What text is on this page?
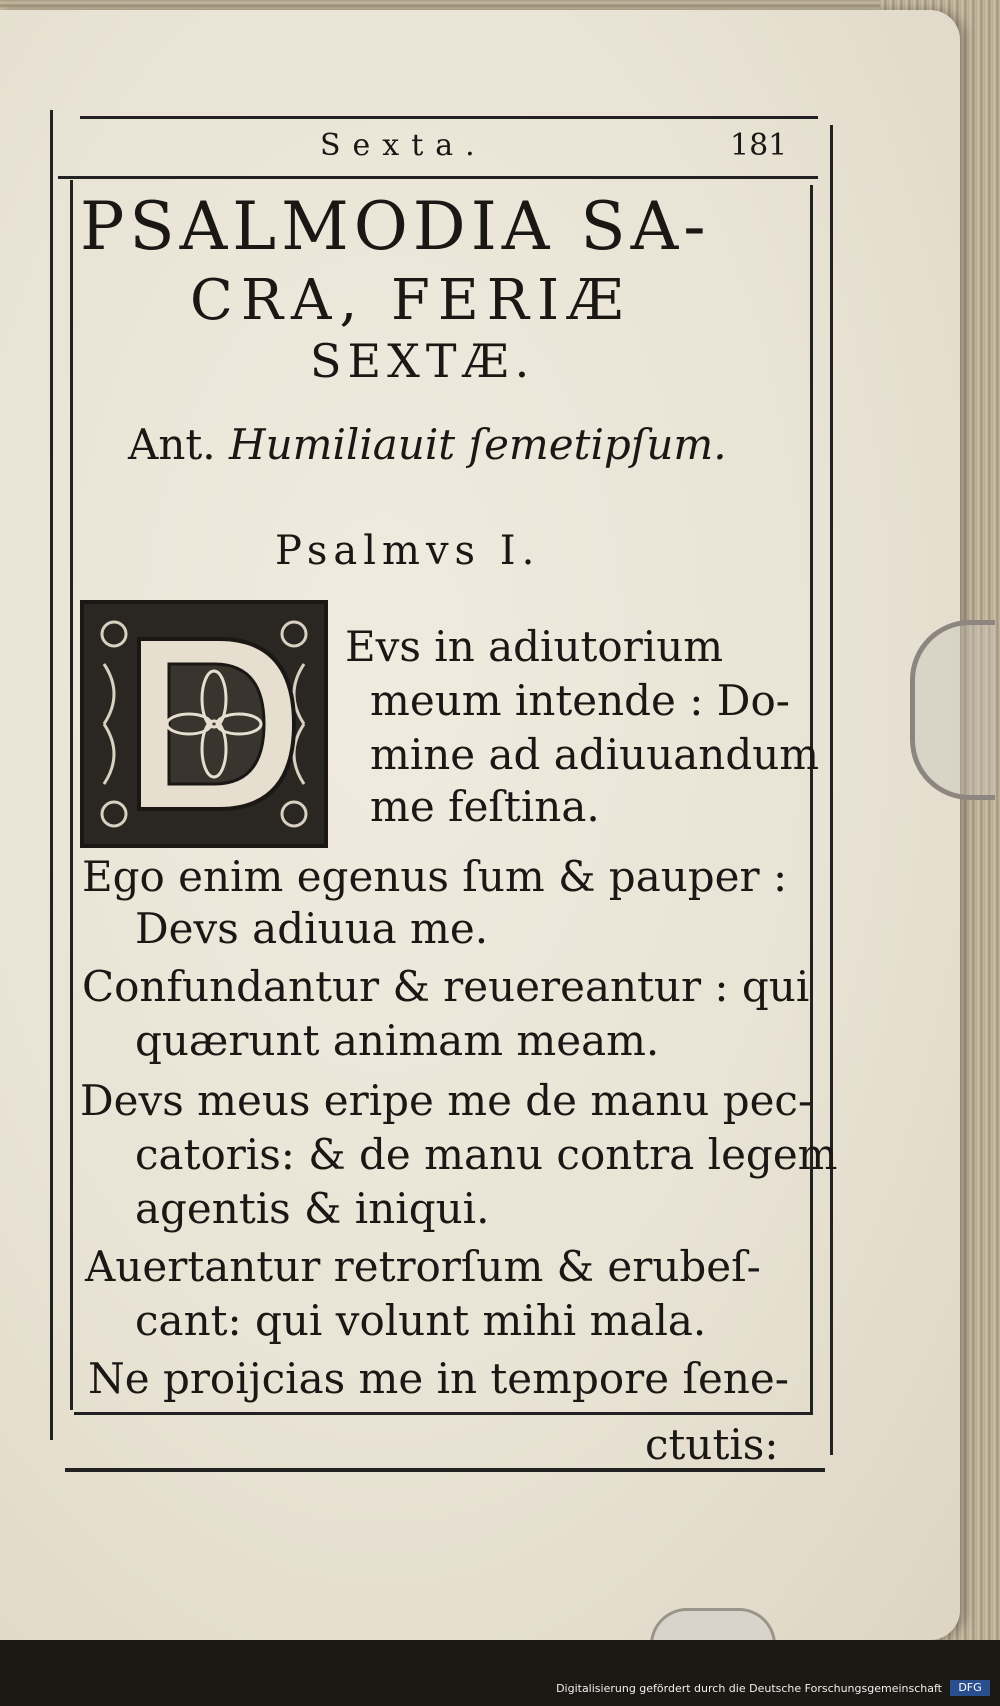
Sexta.	181
PSALMODIA SA-
CRA, FERIÆ
SEXTÆ.
Ant. Humiliauit ſemetipſum.
Psalmvs I.
D
Evs in adiutorium
meum intende : Do-
mine ad adiuuandum
me feſtina.
Ego enim egenus ſum & pauper :
Devs adiuua me.
Confundantur & reuereantur : qui
quærunt animam meam.
Devs meus eripe me de manu pec-
catoris: & de manu contra legem
agentis & iniqui.
Auertantur retrorſum & erubeſ-
cant: qui volunt mihi mala.
Ne proijcias me in tempore ſene-
ctutis:
Digitalisierung gefördert durch die Deutsche Forschungsgemeinschaft	DFG
